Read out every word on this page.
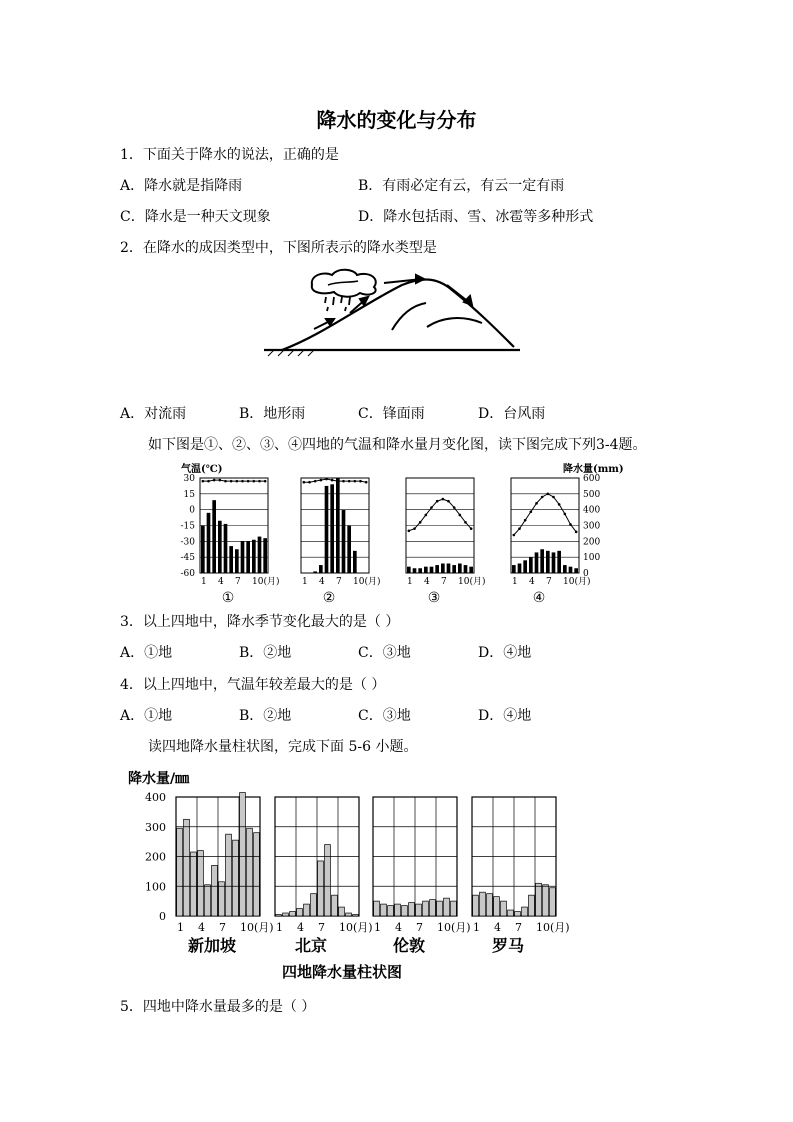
降水的变化与分布
1．下面关于降水的说法，正确的是
A．降水就是指降雨	B．有雨必定有云，有云一定有雨
C．降水是一种天文现象	D．降水包括雨、雪、冰雹等多种形式
2．在降水的成因类型中，下图所表示的降水类型是
A．对流雨	B．地形雨	C．锋面雨	D．台风雨
如下图是①、②、③、④四地的气温和降水量月变化图，读下图完成下列3-4题。
气温(℃)	降水量(mm)
30
15
0
-15
-30
-45
-60
600
500
400
300
200
100
0
1 4 7 10(月)
①
1 4 7 10(月)
②
1 4 7 10(月)
③
1 4 7 10(月)
④
3．以上四地中，降水季节变化最大的是（ ）
A．①地	B．②地	C．③地	D．④地
4．以上四地中，气温年较差最大的是（ ）
A．①地	B．②地	C．③地	D．④地
读四地降水量柱状图，完成下面 5-6 小题。
降水量/㎜
400
300
200
100
0
1 4 7 10(月)
新加坡
1 4 7 10(月)
北京
1 4 7 10(月)
伦敦
1 4 7 10(月)
罗马
四地降水量柱状图
5．四地中降水量最多的是（ ）
